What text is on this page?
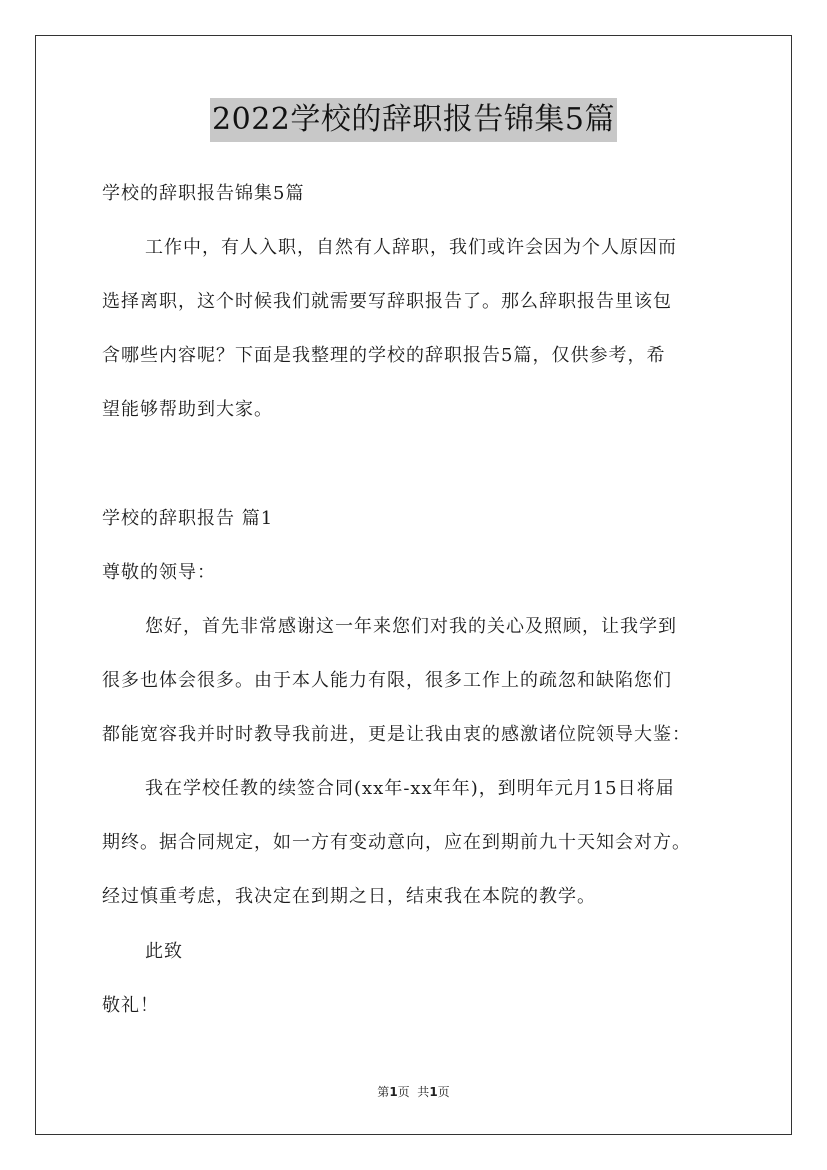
2022学校的辞职报告锦集5篇
学校的辞职报告锦集5篇
工作中，有人入职，自然有人辞职，我们或许会因为个人原因而
选择离职，这个时候我们就需要写辞职报告了。那么辞职报告里该包
含哪些内容呢？下面是我整理的学校的辞职报告5篇，仅供参考，希
望能够帮助到大家。
学校的辞职报告 篇1
尊敬的领导：
您好，首先非常感谢这一年来您们对我的关心及照顾，让我学到
很多也体会很多。由于本人能力有限，很多工作上的疏忽和缺陷您们
都能宽容我并时时教导我前进，更是让我由衷的感激诸位院领导大鉴：
我在学校任教的续签合同(xx年-xx年年)，到明年元月15日将届
期终。据合同规定，如一方有变动意向，应在到期前九十天知会对方。
经过慎重考虑，我决定在到期之日，结束我在本院的教学。
此致
敬礼！
第1页  共1页
